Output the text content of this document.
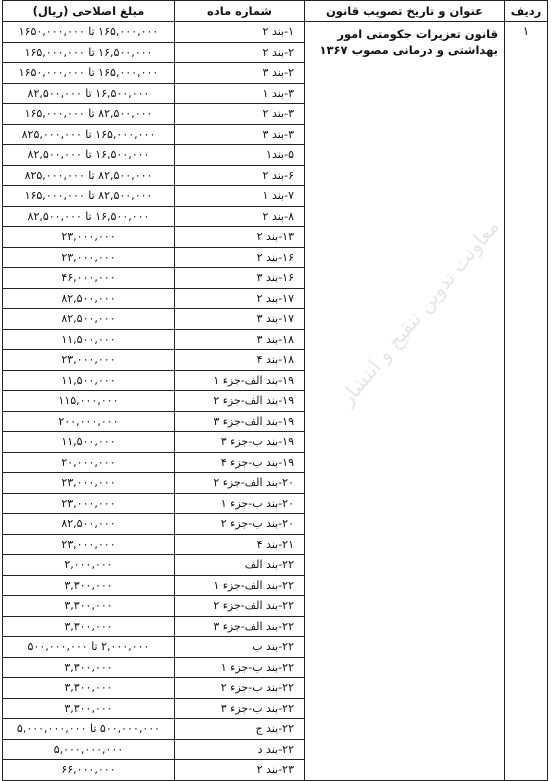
ردیف	عنوان و تاریخ تصویب قانون	شماره ماده	مبلغ اصلاحی (ریال)
۱	قانون تعزیرات حکومتی امور بهداشتی و درمانی مصوب ۱۳۶۷	۱-بند ۲	۱۶۵,۰۰۰,۰۰۰ تا ۱۶۵۰,۰۰۰,۰۰۰
		۲-بند ۲	۱۶,۵۰۰,۰۰۰ تا ۱۶۵,۰۰۰,۰۰۰
		۲-بند ۳	۱۶۵,۰۰۰,۰۰۰ تا ۱۶۵۰,۰۰۰,۰۰۰
		۳-بند ۱	۱۶,۵۰۰,۰۰۰ تا ۸۲,۵۰۰,۰۰۰
		۳-بند ۲	۸۲,۵۰۰,۰۰۰ تا ۱۶۵,۰۰۰,۰۰۰
		۳-بند ۳	۱۶۵,۰۰۰,۰۰۰ تا ۸۲۵,۰۰۰,۰۰۰
		۵-بند۱	۱۶,۵۰۰,۰۰۰ تا ۸۲,۵۰۰,۰۰۰
		۶-بند ۲	۸۲,۵۰۰,۰۰۰ تا ۸۲۵,۰۰۰,۰۰۰
		۷-بند ۱	۸۲,۵۰۰,۰۰۰ تا ۱۶۵,۰۰۰,۰۰۰
		۸-بند ۲	۱۶,۵۰۰,۰۰۰ تا ۸۲,۵۰۰,۰۰۰
		۱۳-بند ۲	۲۳,۰۰۰,۰۰۰
		۱۶-بند ۲	۲۳,۰۰۰,۰۰۰
		۱۶-بند ۳	۴۶,۰۰۰,۰۰۰
		۱۷-بند ۲	۸۲,۵۰۰,۰۰۰
		۱۷-بند ۳	۸۲,۵۰۰,۰۰۰
		۱۸-بند ۳	۱۱,۵۰۰,۰۰۰
		۱۸-بند ۴	۲۳,۰۰۰,۰۰۰
		۱۹-بند الف-جزء ۱	۱۱,۵۰۰,۰۰۰
		۱۹-بند الف-جزء ۲	۱۱۵,۰۰۰,۰۰۰
		۱۹-بند الف-جزء ۳	۲۰۰,۰۰۰,۰۰۰
		۱۹-بند ب-جزء ۳	۱۱,۵۰۰,۰۰۰
		۱۹-بند ب-جزء ۴	۲۰,۰۰۰,۰۰۰
		۲۰-بند الف-جزء ۲	۲۳,۰۰۰,۰۰۰
		۲۰-بند ب-جزء ۱	۲۳,۰۰۰,۰۰۰
		۲۰-بند ب-جزء ۲	۸۲,۵۰۰,۰۰۰
		۲۱-بند ۴	۲۳,۰۰۰,۰۰۰
		۲۲-بند الف	۲,۰۰۰,۰۰۰
		۲۲-بند الف-جزء ۱	۳,۳۰۰,۰۰۰
		۲۲-بند الف-جزء ۲	۳,۳۰۰,۰۰۰
		۲۲-بند الف-جزء ۳	۳,۳۰۰,۰۰۰
		۲۲-بند ب	۲,۰۰۰,۰۰۰ تا ۵۰۰,۰۰۰,۰۰۰
		۲۲-بند ب-جزء ۱	۳,۳۰۰,۰۰۰
		۲۲-بند ب-جزء ۲	۳,۳۰۰,۰۰۰
		۲۲-بند ب-جزء ۳	۳,۳۰۰,۰۰۰
		۲۲-بند ج	۵۰۰,۰۰۰,۰۰۰ تا ۵,۰۰۰,۰۰۰,۰۰۰
		۲۲-بند د	۵,۰۰۰,۰۰۰,۰۰۰
		۲۳-بند ۲	۶۶,۰۰۰,۰۰۰
معاونت تدوین تنقیح و انتشار
